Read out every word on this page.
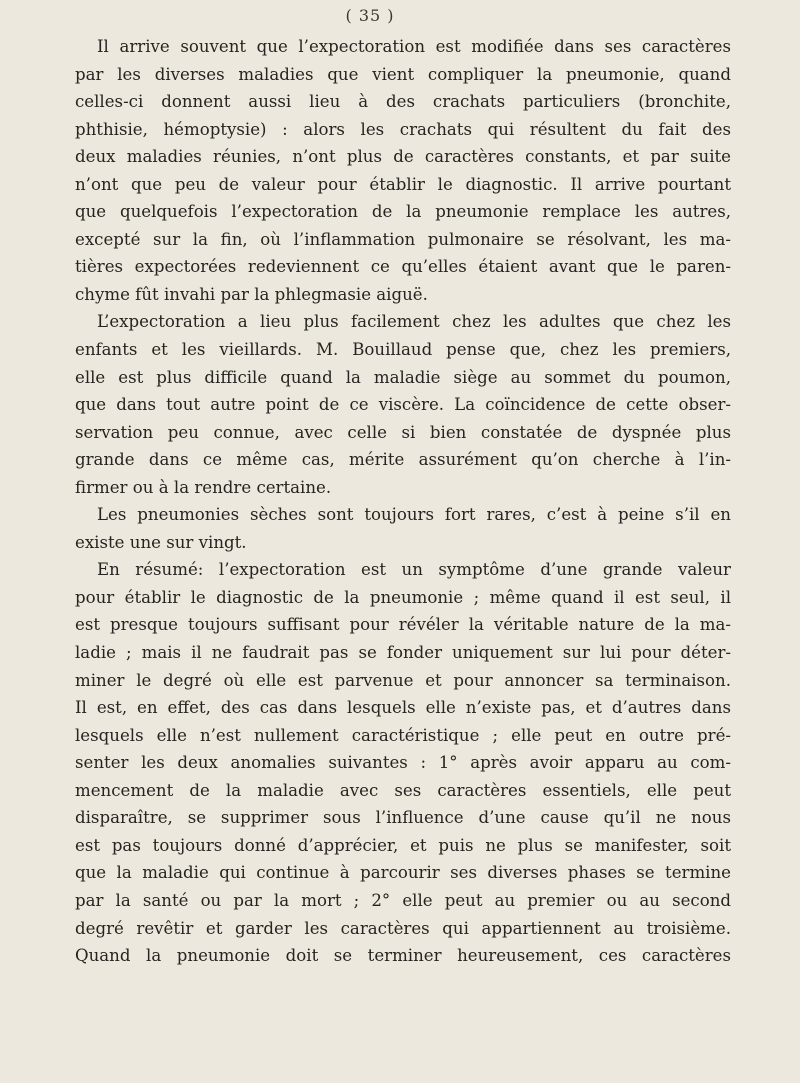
( 35 )
Il arrive souvent que l’expectoration est modifiée dans ses caractères
par les diverses maladies que vient compliquer la pneumonie, quand
celles-ci donnent aussi lieu à des crachats particuliers (bronchite,
phthisie, hémoptysie) : alors les crachats qui résultent du fait des
deux maladies réunies, n’ont plus de caractères constants, et par suite
n’ont que peu de valeur pour établir le diagnostic. Il arrive pourtant
que quelquefois l’expectoration de la pneumonie remplace les autres,
excepté sur la fin, où l’inflammation pulmonaire se résolvant, les ma-
tières expectorées redeviennent ce qu’elles étaient avant que le paren-
chyme fût invahi par la phlegmasie aiguë.
L’expectoration a lieu plus facilement chez les adultes que chez les
enfants et les vieillards. M. Bouillaud pense que, chez les premiers,
elle est plus difficile quand la maladie siège au sommet du poumon,
que dans tout autre point de ce viscère. La coïncidence de cette obser-
servation peu connue, avec celle si bien constatée de dyspnée plus
grande dans ce même cas, mérite assurément qu’on cherche à l’in-
firmer ou à la rendre certaine.
Les pneumonies sèches sont toujours fort rares, c’est à peine s’il en
existe une sur vingt.
En résumé: l’expectoration est un symptôme d’une grande valeur
pour établir le diagnostic de la pneumonie ; même quand il est seul, il
est presque toujours suffisant pour révéler la véritable nature de la ma-
ladie ; mais il ne faudrait pas se fonder uniquement sur lui pour déter-
miner le degré où elle est parvenue et pour annoncer sa terminaison.
Il est, en effet, des cas dans lesquels elle n’existe pas, et d’autres dans
lesquels elle n’est nullement caractéristique ; elle peut en outre pré-
senter les deux anomalies suivantes : 1° après avoir apparu au com-
mencement de la maladie avec ses caractères essentiels, elle peut
disparaître, se supprimer sous l’influence d’une cause qu’il ne nous
est pas toujours donné d’apprécier, et puis ne plus se manifester, soit
que la maladie qui continue à parcourir ses diverses phases se termine
par la santé ou par la mort ; 2° elle peut au premier ou au second
degré revêtir et garder les caractères qui appartiennent au troisième.
Quand la pneumonie doit se terminer heureusement, ces caractères
